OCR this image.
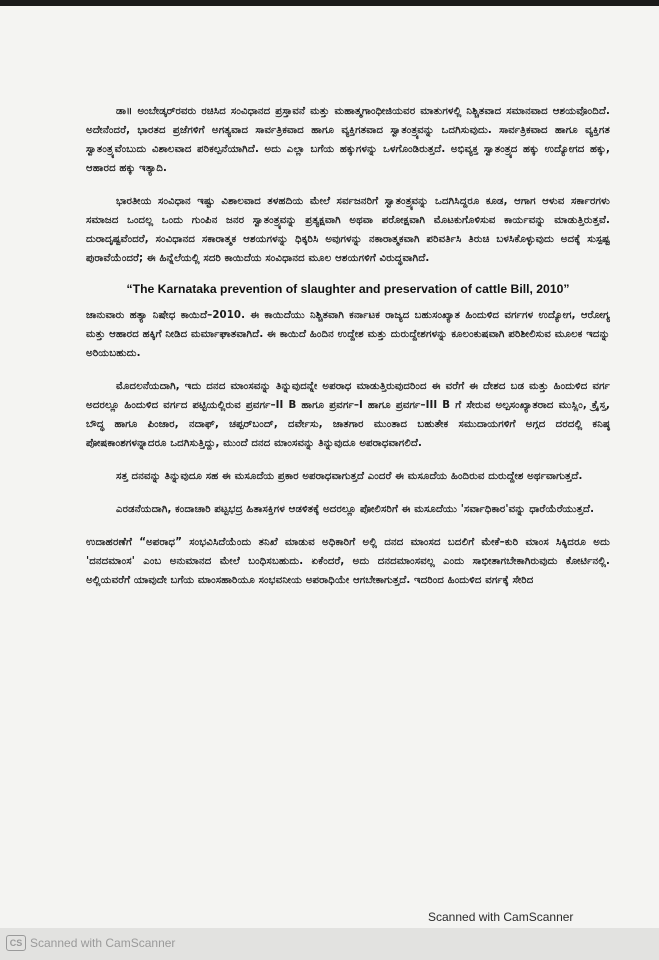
ಡಾ॥ ಅಂಬೇಡ್ಕರ್‌ರವರು ರಚಿಸಿದ ಸಂವಿಧಾನದ ಪ್ರಸ್ತಾವನೆ ಮತ್ತು ಮಹಾತ್ಮಗಾಂಧೀಜಿಯವರ ಮಾತುಗಳಲ್ಲಿ ನಿಶ್ಚಿತವಾದ ಸಮಾನವಾದ ಆಶಯವೊಂದಿದೆ. ಅದೇನೆಂದರೆ, ಭಾರತದ ಪ್ರಜೆಗಳಿಗೆ ಅಗತ್ಯವಾದ ಸಾರ್ವತ್ರಿಕವಾದ ಹಾಗೂ ವ್ಯಕ್ತಿಗತವಾದ ಸ್ವಾತಂತ್ರ್ಯವನ್ನು ಒದಗಿಸುವುದು. ಸಾರ್ವತ್ರಿಕವಾದ ಹಾಗೂ ವ್ಯಕ್ತಿಗತ ಸ್ವಾತಂತ್ರ್ಯವೆಂಬುದು ವಿಶಾಲವಾದ ಪರಿಕಲ್ಪನೆಯಾಗಿದೆ. ಅದು ಎಲ್ಲಾ ಬಗೆಯ ಹಕ್ಕುಗಳನ್ನು ಒಳಗೊಂಡಿರುತ್ತದೆ. ಅಭಿವ್ಯಕ್ತ ಸ್ವಾತಂತ್ರ್ಯದ ಹಕ್ಕು ಉದ್ಯೋಗದ ಹಕ್ಕು, ಆಹಾರದ ಹಕ್ಕು ಇತ್ಯಾದಿ.

ಭಾರತೀಯ ಸಂವಿಧಾನ ಇಷ್ಟು ವಿಶಾಲವಾದ ತಳಹದಿಯ ಮೇಲೆ ಸರ್ವಜನರಿಗೆ ಸ್ವಾತಂತ್ರ್ಯವನ್ನು ಒದಗಿಸಿದ್ದರೂ ಕೂಡ, ಆಗಾಗ ಆಳುವ ಸರ್ಕಾರಗಳು ಸಮಾಜದ ಒಂದಲ್ಲ ಒಂದು ಗುಂಪಿನ ಜನರ ಸ್ವಾತಂತ್ರ್ಯವನ್ನು ಪ್ರತ್ಯಕ್ಷವಾಗಿ ಅಥವಾ ಪರೋಕ್ಷವಾಗಿ ಮೊಟಕುಗೊಳಿಸುವ ಕಾರ್ಯವನ್ನು ಮಾಡುತ್ತಿರುತ್ತವೆ. ದುರಾದೃಷ್ಟವೆಂದರೆ, ಸಂವಿಧಾನದ ಸಕಾರಾತ್ಮಕ ಆಶಯಗಳನ್ನು ಧಿಕ್ಕರಿಸಿ ಅವುಗಳನ್ನು ನಕಾರಾತ್ಮಕವಾಗಿ ಪರಿವರ್ತಿಸಿ ತಿರುಚಿ ಬಳಸಿಕೊಳ್ಳುವುದು ಅದಕ್ಕೆ ಸುಸ್ಪಷ್ಟ ಪುರಾವೆಯೆಂದರೆ; ಈ ಹಿನ್ನೆಲೆಯಲ್ಲಿ ಸದರಿ ಕಾಯಿದೆಯ ಸಂವಿಧಾನದ ಮೂಲ ಆಶಯಗಳಿಗೆ ವಿರುದ್ಧವಾಗಿದೆ.

“The Karnataka prevention of slaughter and preservation of cattle Bill, 2010”

ಜಾನುವಾರು ಹತ್ಯಾ ನಿಷೇಧ ಕಾಯಿದೆ–2010. ಈ ಕಾಯಿದೆಯು ನಿಶ್ಚಿತವಾಗಿ ಕರ್ನಾಟಕ ರಾಜ್ಯದ ಬಹುಸಂಖ್ಯಾತ ಹಿಂದುಳಿದ ವರ್ಗಗಳ ಉದ್ಯೋಗ, ಆರೋಗ್ಯ ಮತ್ತು ಆಹಾರದ ಹಕ್ಕಿಗೆ ನೀಡಿದ ಮರ್ಮಾಘಾತವಾಗಿದೆ. ಈ ಕಾಯಿದೆ ಹಿಂದಿನ ಉದ್ದೇಶ ಮತ್ತು ದುರುದ್ದೇಶಗಳನ್ನು ಕೂಲಂಕುಷವಾಗಿ ಪರಿಶೀಲಿಸುವ ಮೂಲಕ ಇದನ್ನು ಅರಿಯಬಹುದು.

ಮೊದಲನೆಯದಾಗಿ, ಇದು ದನದ ಮಾಂಸವನ್ನು ತಿನ್ನುವುದನ್ನೇ ಅಪರಾಧ ಮಾಡುತ್ತಿರುವುದರಿಂದ ಈ ವರೆಗೆ ಈ ದೇಶದ ಬಡ ಮತ್ತು ಹಿಂದುಳಿದ ವರ್ಗ ಅದರಲ್ಲೂ ಹಿಂದುಳಿದ ವರ್ಗದ ಪಟ್ಟಿಯಲ್ಲಿರುವ ಪ್ರವರ್ಗ–II B ಹಾಗೂ ಪ್ರವರ್ಗ–I ಹಾಗೂ ಪ್ರವರ್ಗ–III B ಗೆ ಸೇರುವ ಅಲ್ಪಸಂಖ್ಯಾತರಾದ ಮುಸ್ಲಿಂ, ಕ್ರೈಸ್ತ, ಬೌದ್ಧ ಹಾಗೂ ಪಿಂಜಾರ, ನದಾಫ್, ಚಪ್ಪರ್‌ಬಂದ್, ದರ್ವೇಸು, ಜಾತಗಾರ ಮುಂತಾದ ಬಹುತೇಕ ಸಮುದಾಯಗಳಿಗೆ ಅಗ್ಗದ ದರದಲ್ಲಿ ಕನಿಷ್ಠ ಪೋಷಕಾಂಶಗಳನ್ನಾದರೂ ಒದಗಿಸುತ್ತಿದ್ದು, ಮುಂದೆ ದನದ ಮಾಂಸವನ್ನು ತಿನ್ನುವುದೂ ಅಪರಾಧವಾಗಲಿದೆ.

ಸತ್ತ ದನವನ್ನು ತಿನ್ನುವುದೂ ಸಹ ಈ ಮಸೂದೆಯ ಪ್ರಕಾರ ಅಪರಾಧವಾಗುತ್ತದೆ ಎಂದರೆ ಈ ಮಸೂದೆಯ ಹಿಂದಿರುವ ದುರುದ್ದೇಶ ಅರ್ಥವಾಗುತ್ತದೆ.

ಎರಡನೆಯದಾಗಿ, ಕಂದಾಚಾರಿ ಪಟ್ಟಭದ್ರ ಹಿತಾಸಕ್ತಿಗಳ ಆಡಳಿತಕ್ಕೆ ಅದರಲ್ಲೂ ಪೋಲಿಸರಿಗೆ ಈ ಮಸೂದೆಯು 'ಸರ್ವಾಧಿಕಾರ'ವನ್ನು ಧಾರೆಯೆರೆಯುತ್ತದೆ.

ಉದಾಹರಣೆಗೆ “ಅಪರಾಧ” ಸಂಭವಿಸಿದೆಯೆಂದು ತನಿಖೆ ಮಾಡುವ ಅಧಿಕಾರಿಗೆ ಅಲ್ಲಿ ದನದ ಮಾಂಸದ ಬದಲಿಗೆ ಮೇಕೆ–ಕುರಿ ಮಾಂಸ ಸಿಕ್ಕಿದರೂ ಅದು 'ದನದಮಾಂಸ' ಎಂಬ ಅನುಮಾನದ ಮೇಲೆ ಬಂಧಿಸಬಹುದು. ಏಕೆಂದರೆ, ಅದು ದನದಮಾಂಸವಲ್ಲ ಎಂದು ಸಾಭೀತಾಗಬೇಕಾಗಿರುವುದು ಕೋರ್ಟಿನಲ್ಲಿ. ಅಲ್ಲಿಯವರೆಗೆ ಯಾವುದೇ ಬಗೆಯ ಮಾಂಸಹಾರಿಯೂ ಸಂಭವನೀಯ ಅಪರಾಧಿಯೇ ಆಗಬೇಕಾಗುತ್ತದೆ. ಇದರಿಂದ ಹಿಂದುಳಿದ ವರ್ಗಕ್ಕೆ ಸೇರಿದ

Scanned with CamScanner
CS Scanned with CamScanner
